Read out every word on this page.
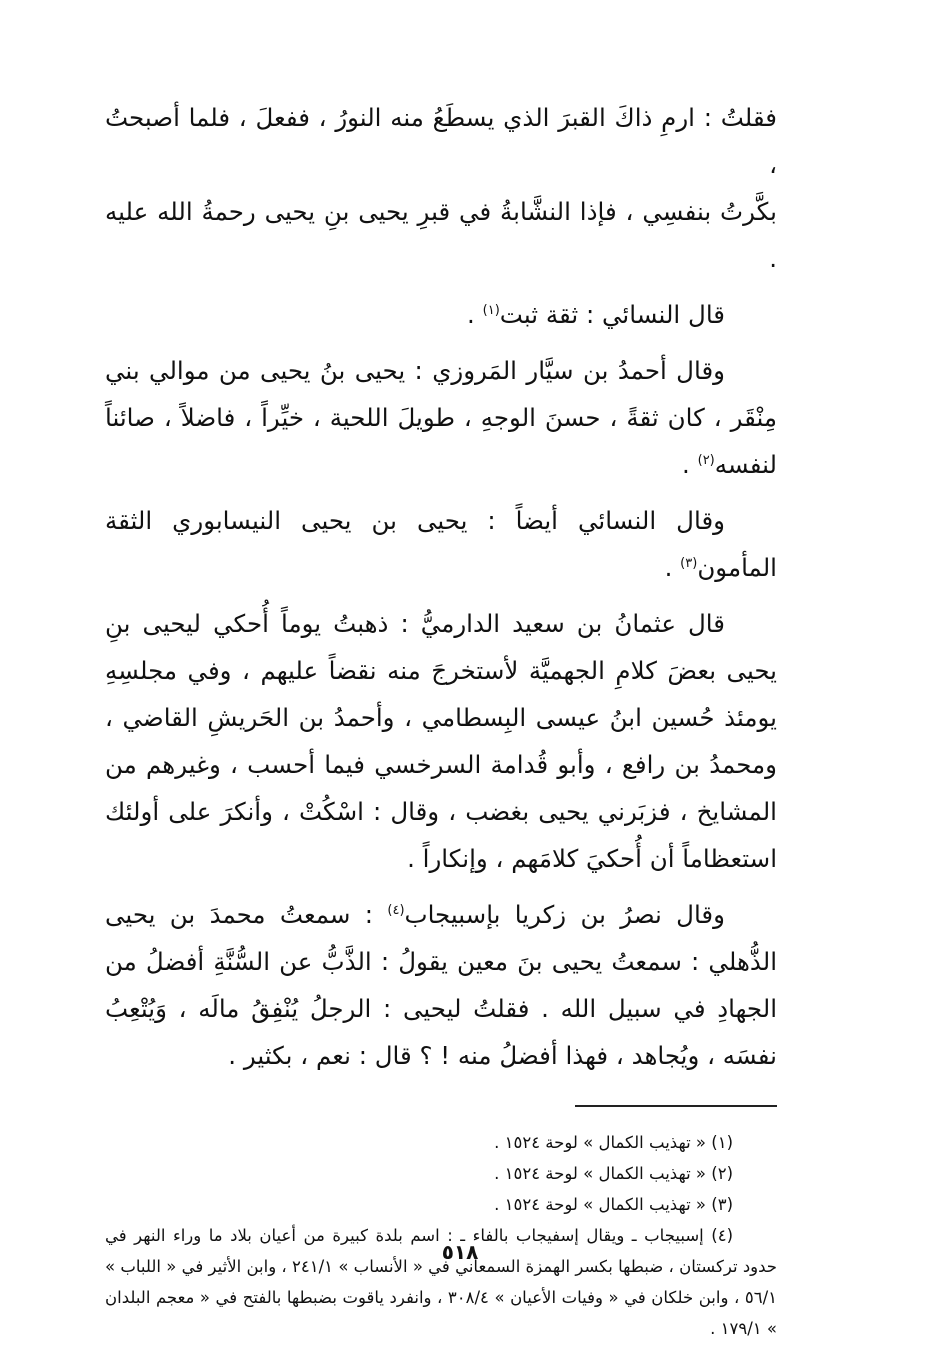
فقلتُ : ارمِ ذاكَ القبرَ الذي يسطَعُ منه النورُ ، ففعلَ ، فلما أصبحتُ ،
بكَّرتُ بنفسِي ، فإذا النشَّابةُ في قبرِ يحيى بنِ يحيى رحمةُ الله عليه .

قال النسائي : ثقة ثبت$^{(١)}$ .

وقال أحمدُ بن سيَّار المَروزي : يحيى بنُ يحيى من موالي بني مِنْقَر ، كان ثقةً ، حسنَ الوجهِ ، طويلَ اللحية ، خيِّراً ، فاضلاً ، صائناً لنفسه$^{(٢)}$ .

وقال النسائي أيضاً : يحيى بن يحيى النيسابوري الثقة المأمون$^{(٣)}$ .

قال عثمانُ بن سعيد الدارميُّ : ذهبتُ يوماً أُحكي ليحيى بنِ يحيى بعضَ كلامِ الجهميَّة لأستخرجَ منه نقضاً عليهم ، وفي مجلسِهِ يومئذ حُسين ابنُ عيسى البِسطامي ، وأحمدُ بن الحَريشِ القاضي ، ومحمدُ بن رافع ، وأبو قُدامة السرخسي فيما أحسب ، وغيرهم من المشايخ ، فزبَرني يحيى بغضب ، وقال : اسْكُتْ ، وأنكرَ على أولئك استعظاماً أن أُحكيَ كلامَهم ، وإنكاراً .

وقال نصرُ بن زكريا بإسبيجاب$^{(٤)}$ : سمعتُ محمدَ بن يحيى الذُّهلي : سمعتُ يحيى بنَ معين يقولُ : الذَّبُّ عن السُّنَّةِ أفضلُ من الجهادِ في سبيل الله . فقلتُ ليحيى : الرجلُ يُنْفِقُ مالَه ، وَيُتْعِبُ نفسَه ، ويُجاهد ، فهذا أفضلُ منه ! ؟ قال : نعم ، بكثير .

(١) « تهذيب الكمال » لوحة ١٥٢٤ .

(٢) « تهذيب الكمال » لوحة ١٥٢٤ .

(٣) « تهذيب الكمال » لوحة ١٥٢٤ .

(٤) إسبيجاب ـ ويقال إسفيجاب بالفاء ـ : اسم بلدة كبيرة من أعيان بلاد ما وراء النهر في حدود تركستان ، ضبطها بكسر الهمزة السمعاني في « الأنساب » ٢٤١/١ ، وابن الأثير في « اللباب » ٥٦/١ ، وابن خلكان في « وفيات الأعيان » ٣٠٨/٤ ، وانفرد ياقوت بضبطها بالفتح في « معجم البلدان » ١٧٩/١ .

٥١٨
